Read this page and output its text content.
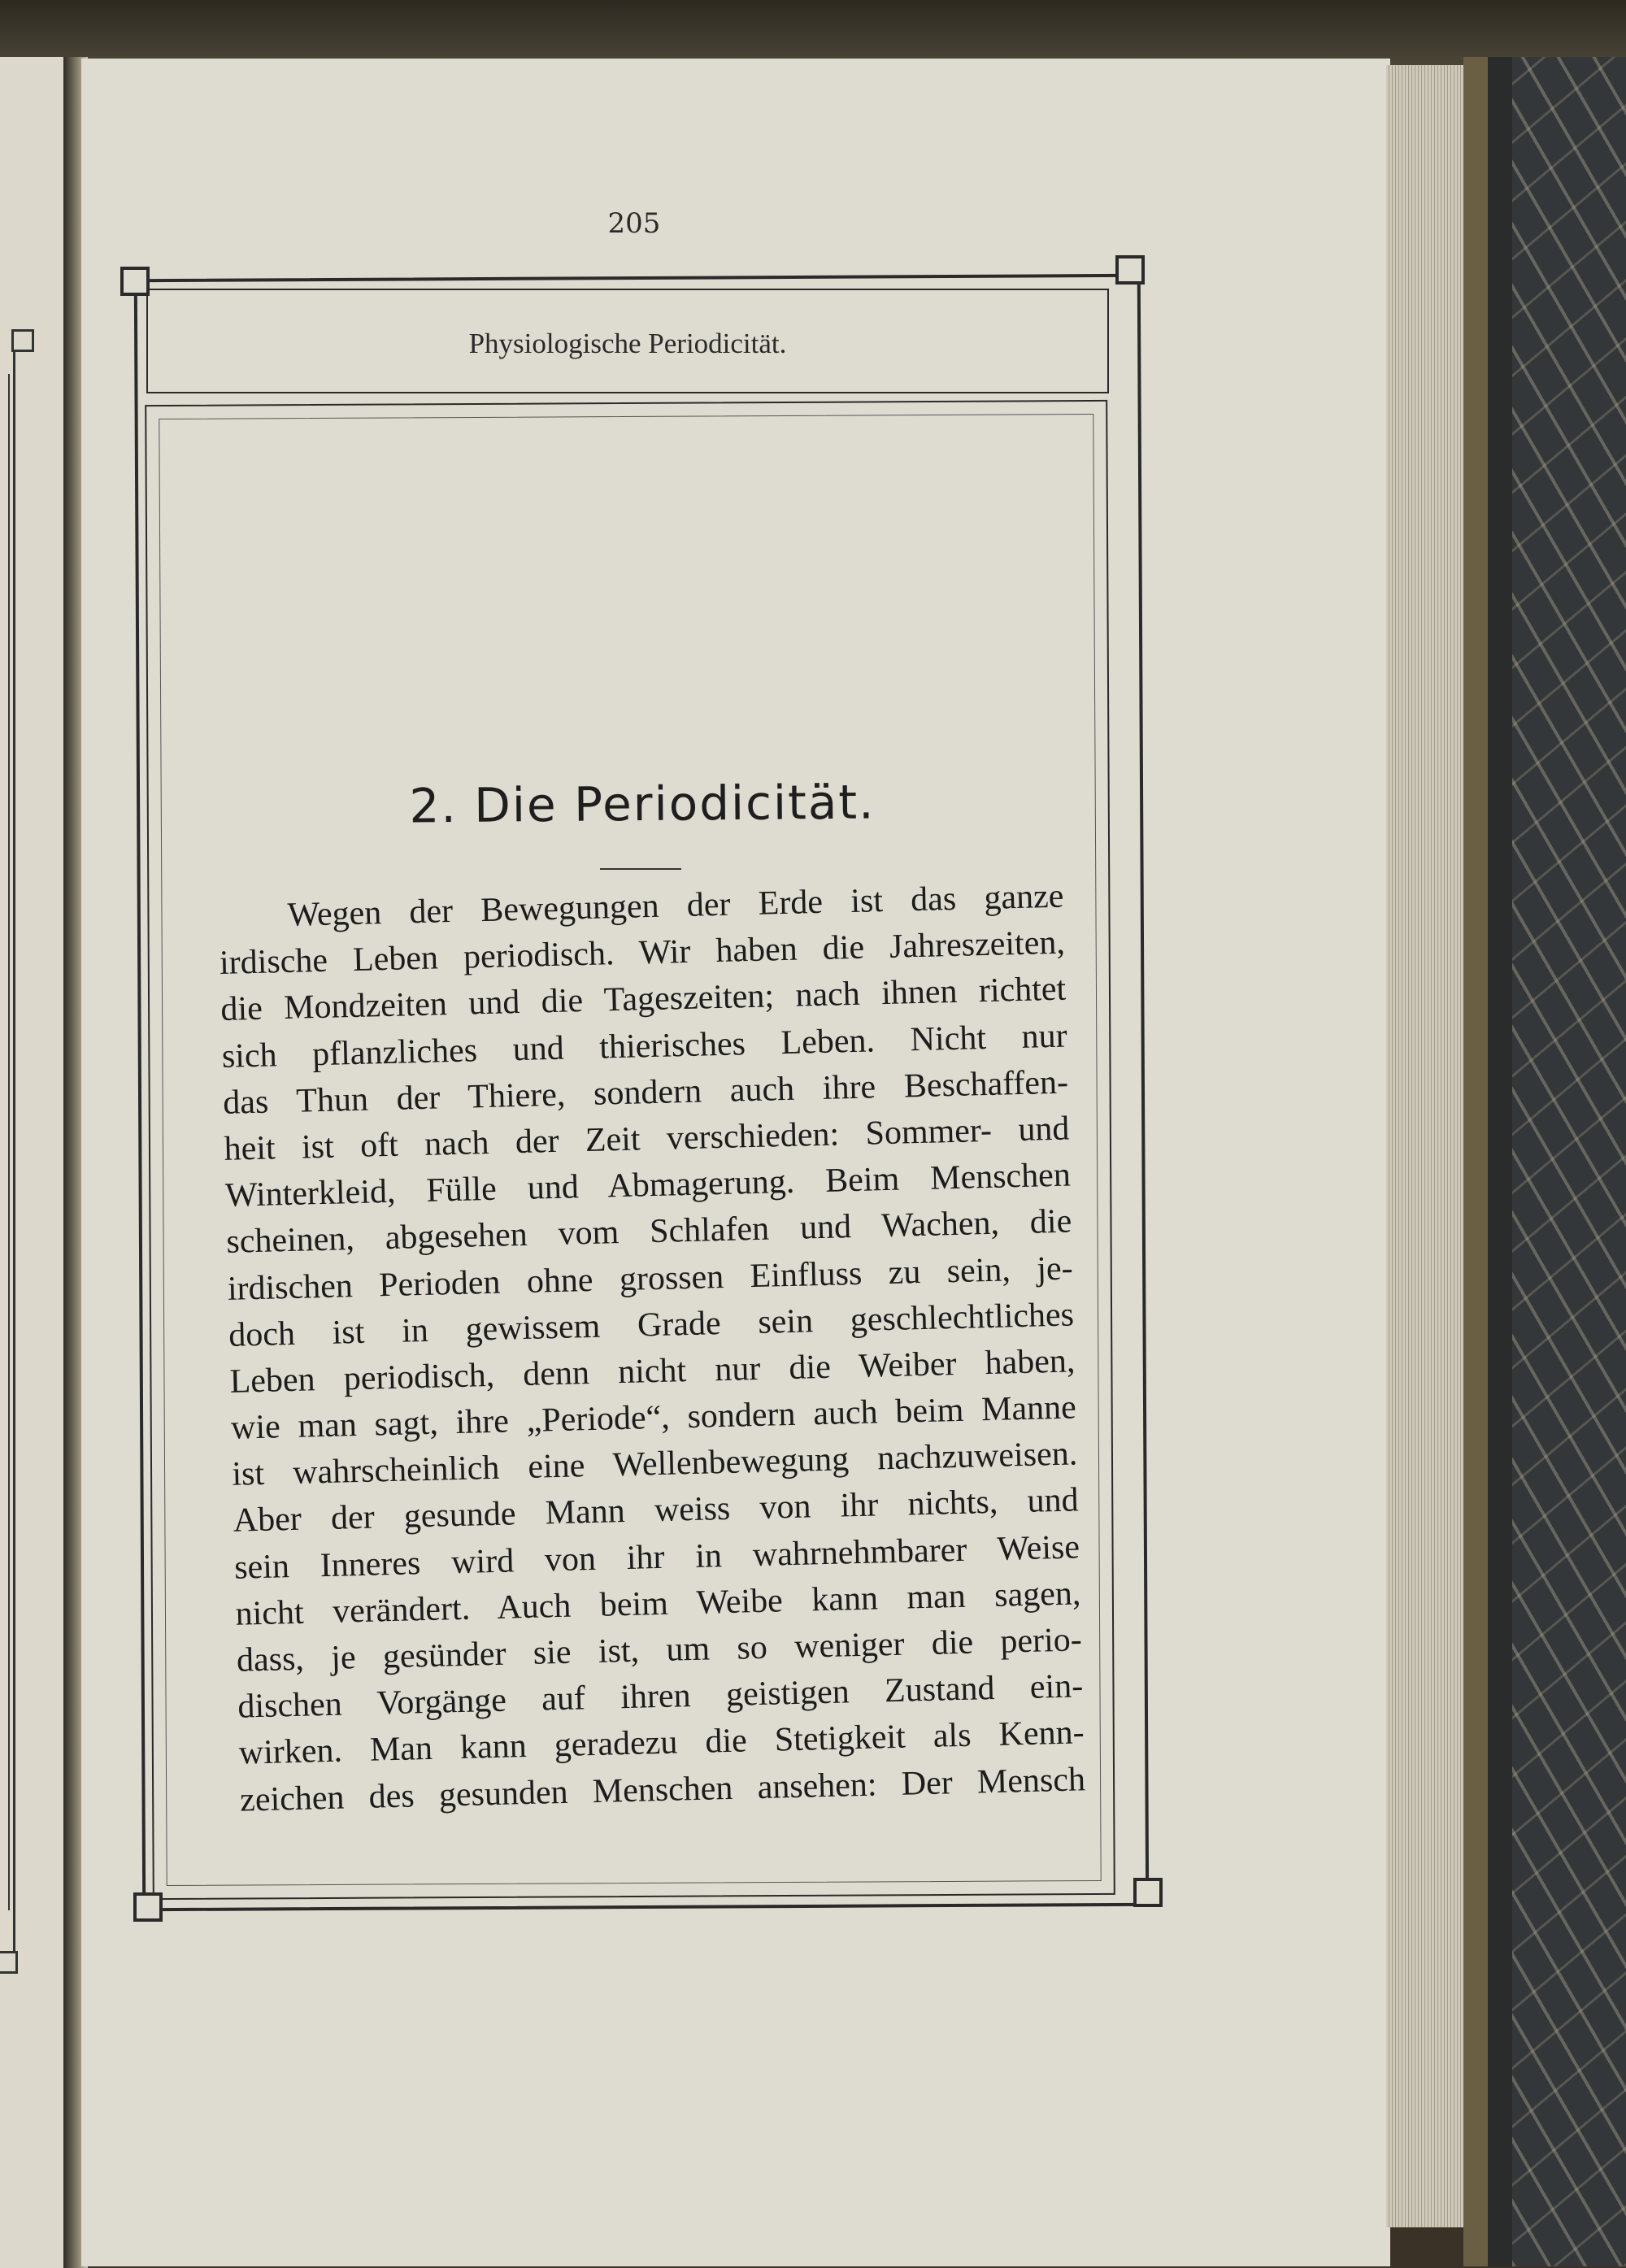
205
Physiologische Periodicität.
2. Die Periodicität.
Wegen der Bewegungen der Erde ist das ganze
irdische Leben periodisch. Wir haben die Jahreszeiten,
die Mondzeiten und die Tageszeiten; nach ihnen richtet
sich pflanzliches und thierisches Leben. Nicht nur
das Thun der Thiere, sondern auch ihre Beschaffen-
heit ist oft nach der Zeit verschieden: Sommer- und
Winterkleid, Fülle und Abmagerung. Beim Menschen
scheinen, abgesehen vom Schlafen und Wachen, die
irdischen Perioden ohne grossen Einfluss zu sein, je-
doch ist in gewissem Grade sein geschlechtliches
Leben periodisch, denn nicht nur die Weiber haben,
wie man sagt, ihre „Periode“, sondern auch beim Manne
ist wahrscheinlich eine Wellenbewegung nachzuweisen.
Aber der gesunde Mann weiss von ihr nichts, und
sein Inneres wird von ihr in wahrnehmbarer Weise
nicht verändert. Auch beim Weibe kann man sagen,
dass, je gesünder sie ist, um so weniger die perio-
dischen Vorgänge auf ihren geistigen Zustand ein-
wirken. Man kann geradezu die Stetigkeit als Kenn-
zeichen des gesunden Menschen ansehen: Der Mensch
